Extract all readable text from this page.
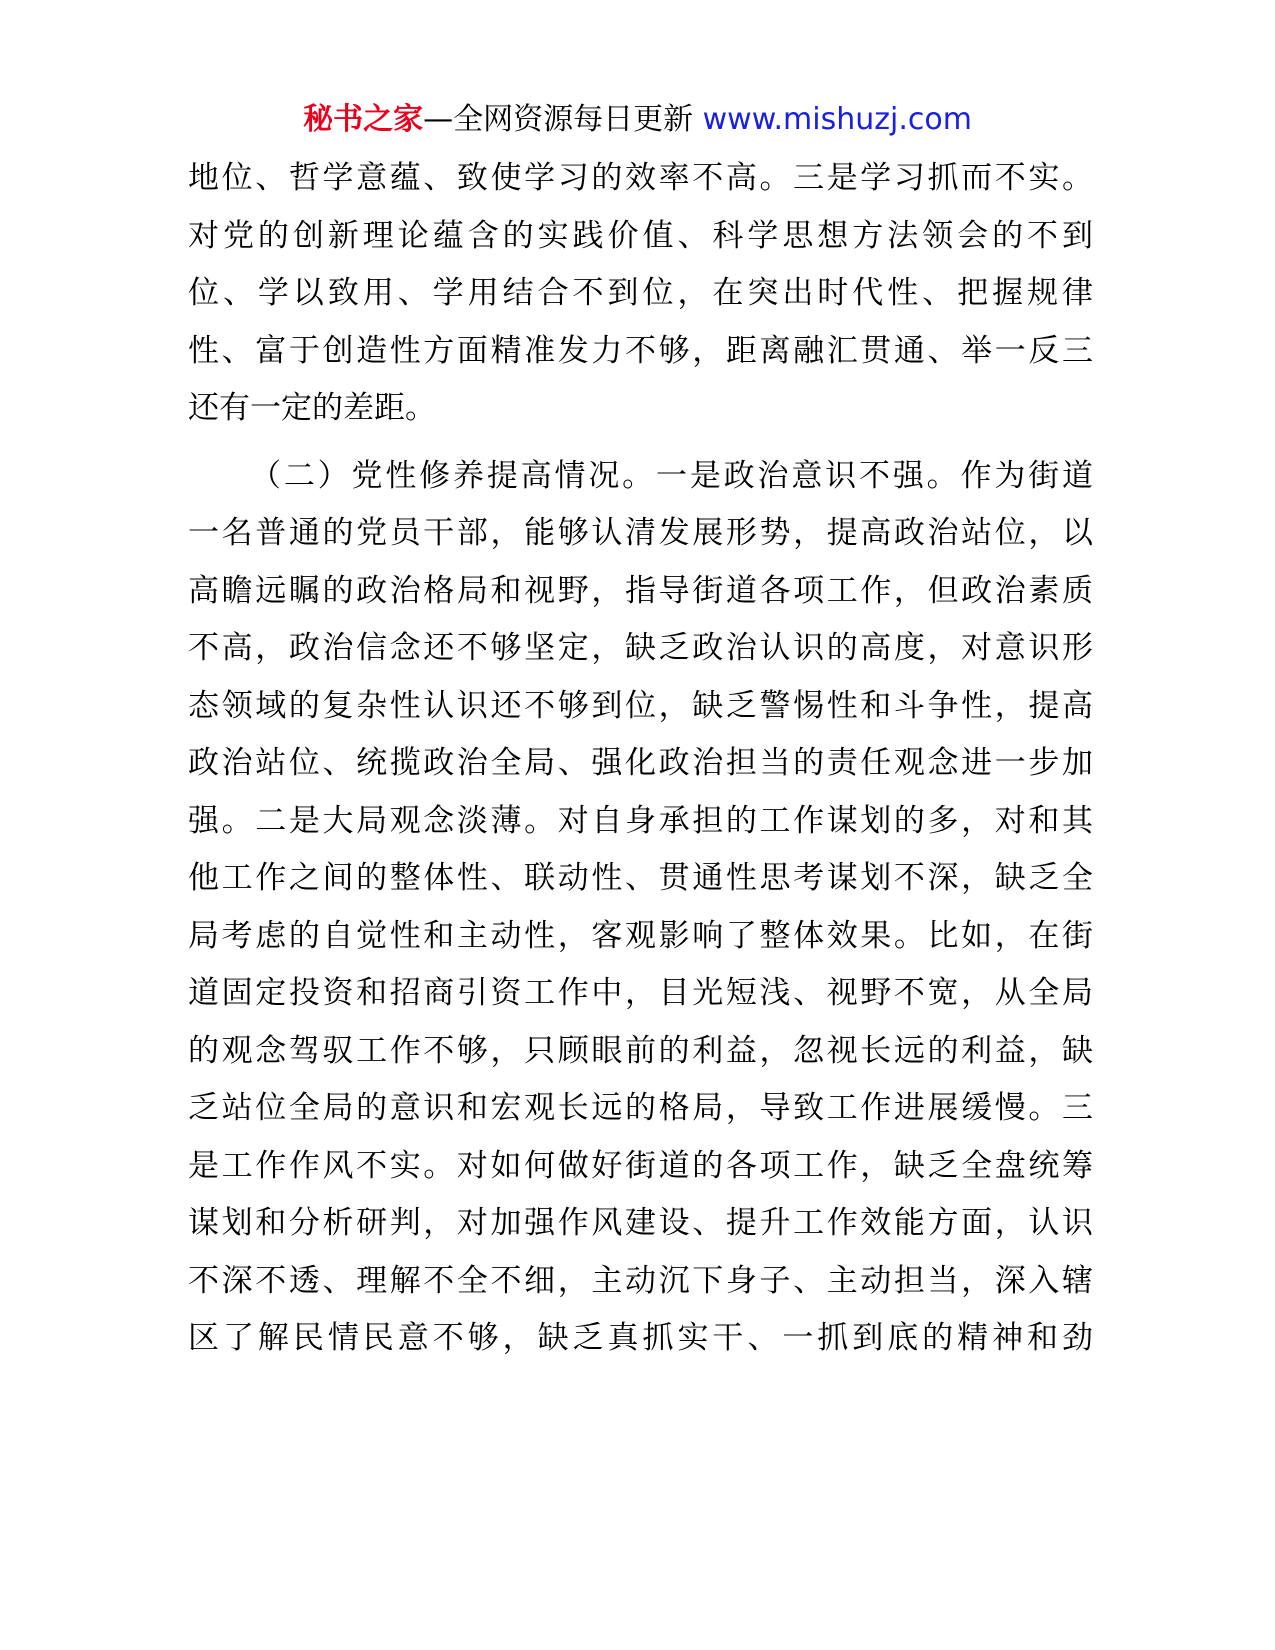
秘书之家—全网资源每日更新 www.mishuzj.com
地位、哲学意蕴、致使学习的效率不高。三是学习抓而不实。
对党的创新理论蕴含的实践价值、科学思想方法领会的不到
位、学以致用、学用结合不到位，在突出时代性、把握规律
性、富于创造性方面精准发力不够，距离融汇贯通、举一反三
还有一定的差距。
（二）党性修养提高情况。一是政治意识不强。作为街道
一名普通的党员干部，能够认清发展形势，提高政治站位，以
高瞻远瞩的政治格局和视野，指导街道各项工作，但政治素质
不高，政治信念还不够坚定，缺乏政治认识的高度，对意识形
态领域的复杂性认识还不够到位，缺乏警惕性和斗争性，提高
政治站位、统揽政治全局、强化政治担当的责任观念进一步加
强。二是大局观念淡薄。对自身承担的工作谋划的多，对和其
他工作之间的整体性、联动性、贯通性思考谋划不深，缺乏全
局考虑的自觉性和主动性，客观影响了整体效果。比如，在街
道固定投资和招商引资工作中，目光短浅、视野不宽，从全局
的观念驾驭工作不够，只顾眼前的利益，忽视长远的利益，缺
乏站位全局的意识和宏观长远的格局，导致工作进展缓慢。三
是工作作风不实。对如何做好街道的各项工作，缺乏全盘统筹
谋划和分析研判，对加强作风建设、提升工作效能方面，认识
不深不透、理解不全不细，主动沉下身子、主动担当，深入辖
区了解民情民意不够，缺乏真抓实干、一抓到底的精神和劲
